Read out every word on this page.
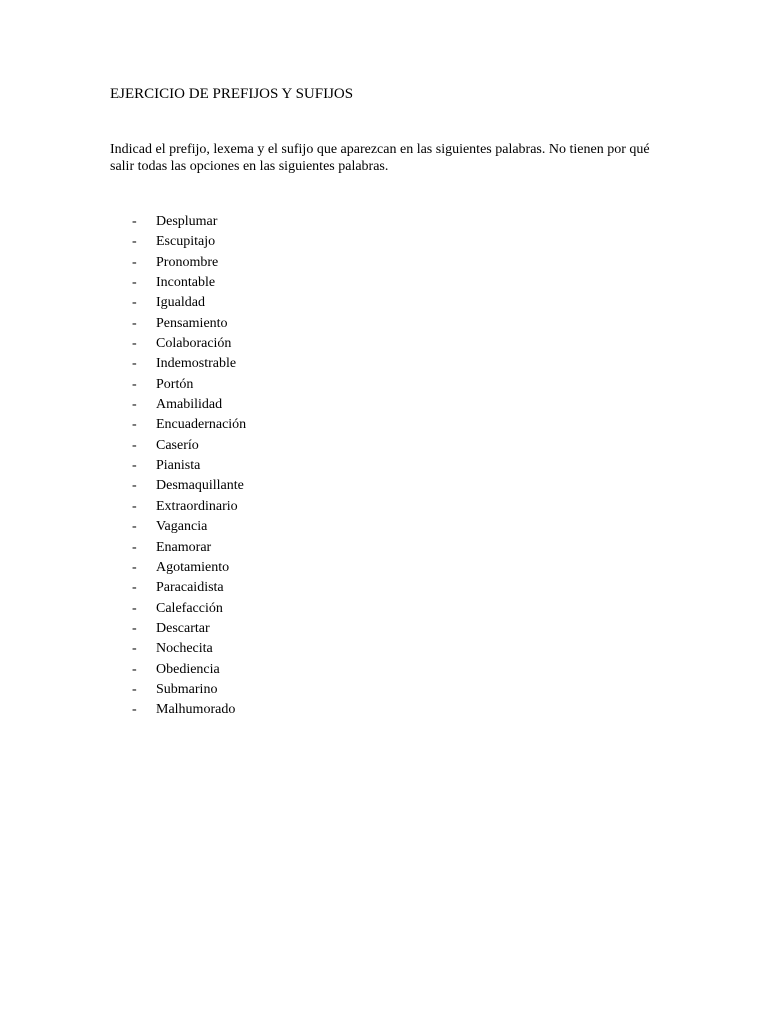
EJERCICIO DE PREFIJOS Y SUFIJOS
Indicad el prefijo, lexema y el sufijo que aparezcan en las siguientes palabras. No tienen por qué salir todas las opciones en las siguientes palabras.
- Desplumar
- Escupitajo
- Pronombre
- Incontable
- Igualdad
- Pensamiento
- Colaboración
- Indemostrable
- Portón
- Amabilidad
- Encuadernación
- Caserío
- Pianista
- Desmaquillante
- Extraordinario
- Vagancia
- Enamorar
- Agotamiento
- Paracaidista
- Calefacción
- Descartar
- Nochecita
- Obediencia
- Submarino
- Malhumorado
